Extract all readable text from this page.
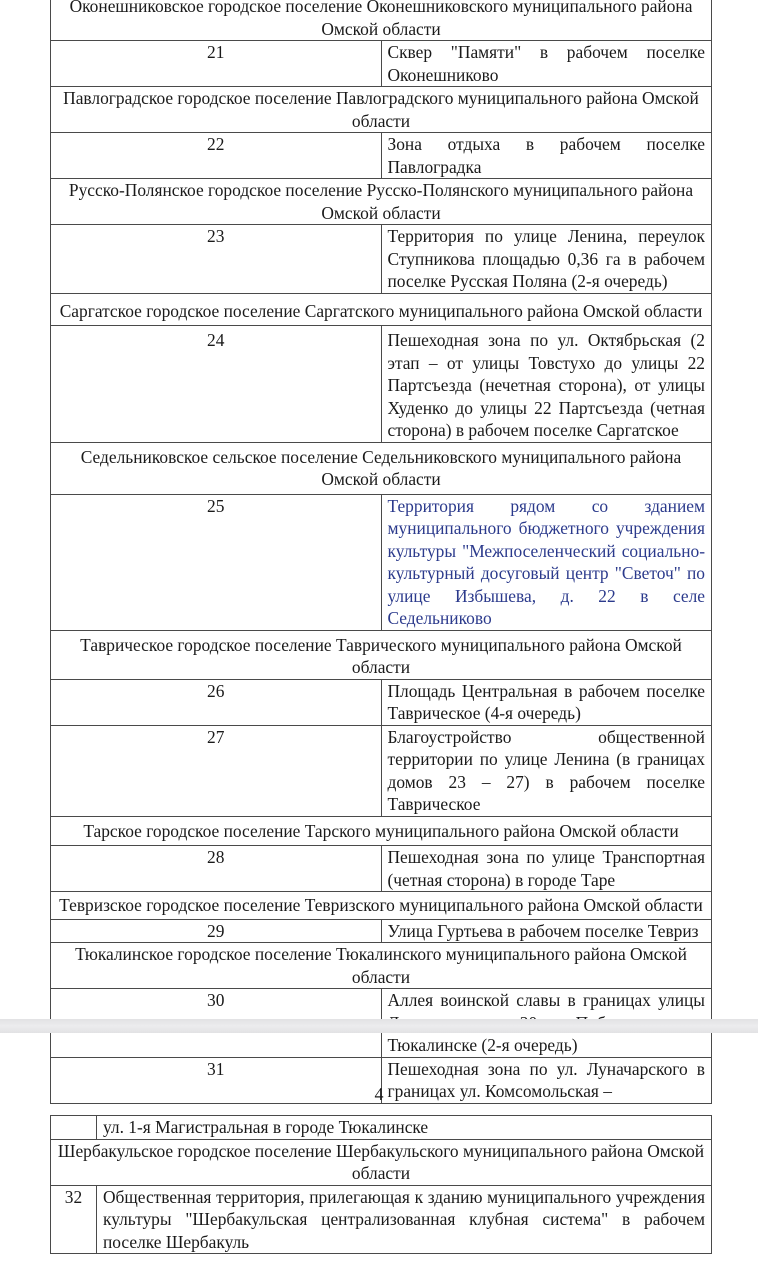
Оконешниковское городское поселение Оконешниковского муниципального района Омской области	
21	Сквер "Памяти" в рабочем поселке Оконешниково
Павлоградское городское поселение Павлоградского муниципального района Омской области	
22	Зона отдыха в рабочем поселке Павлоградка
Русско-Полянское городское поселение Русско-Полянского муниципального района Омской области	
23	Территория по улице Ленина, переулок Ступникова площадью 0,36 га в рабочем поселке Русская Поляна (2-я очередь)
Саргатское городское поселение Саргатского муниципального района Омской области	
24	Пешеходная зона по ул. Октябрьская (2 этап – от улицы Товстухо до улицы 22 Партсъезда (нечетная сторона), от улицы Худенко до улицы 22 Партсъезда (четная сторона) в рабочем поселке Саргатское
Седельниковское сельское поселение Седельниковского муниципального района Омской области	
25	Территория рядом со зданием муниципального бюджетного учреждения культуры "Межпоселенческий социально-культурный досуговый центр "Светоч" по улице Избышева, д. 22 в селе Седельниково
Таврическое городское поселение Таврического муниципального района Омской области	
26	Площадь Центральная в рабочем поселке Таврическое (4-я очередь)
27	Благоустройство общественной территории по улице Ленина (в границах домов 23 – 27) в рабочем поселке Таврическое
Тарское городское поселение Тарского муниципального района Омской области	
28	Пешеходная зона по улице Транспортная (четная сторона) в городе Таре
Тевризское городское поселение Тевризского муниципального района Омской области	
29	Улица Гуртьева в рабочем поселке Тевриз
Тюкалинское городское поселение Тюкалинского муниципального района Омской области	
30	Аллея воинской славы в границах улицы Тюкалинске (2-я очередь)
31	Пешеходная зона по ул. Луначарского в границах ул. Комсомольская –
4
	ул. 1-я Магистральная в городе Тюкалинске
Шербакульское городское поселение Шербакульского муниципального района Омской области	
32	Общественная территория, прилегающая к зданию муниципального учреждения культуры "Шербакульская централизованная клубная система" в рабочем поселке Шербакуль
